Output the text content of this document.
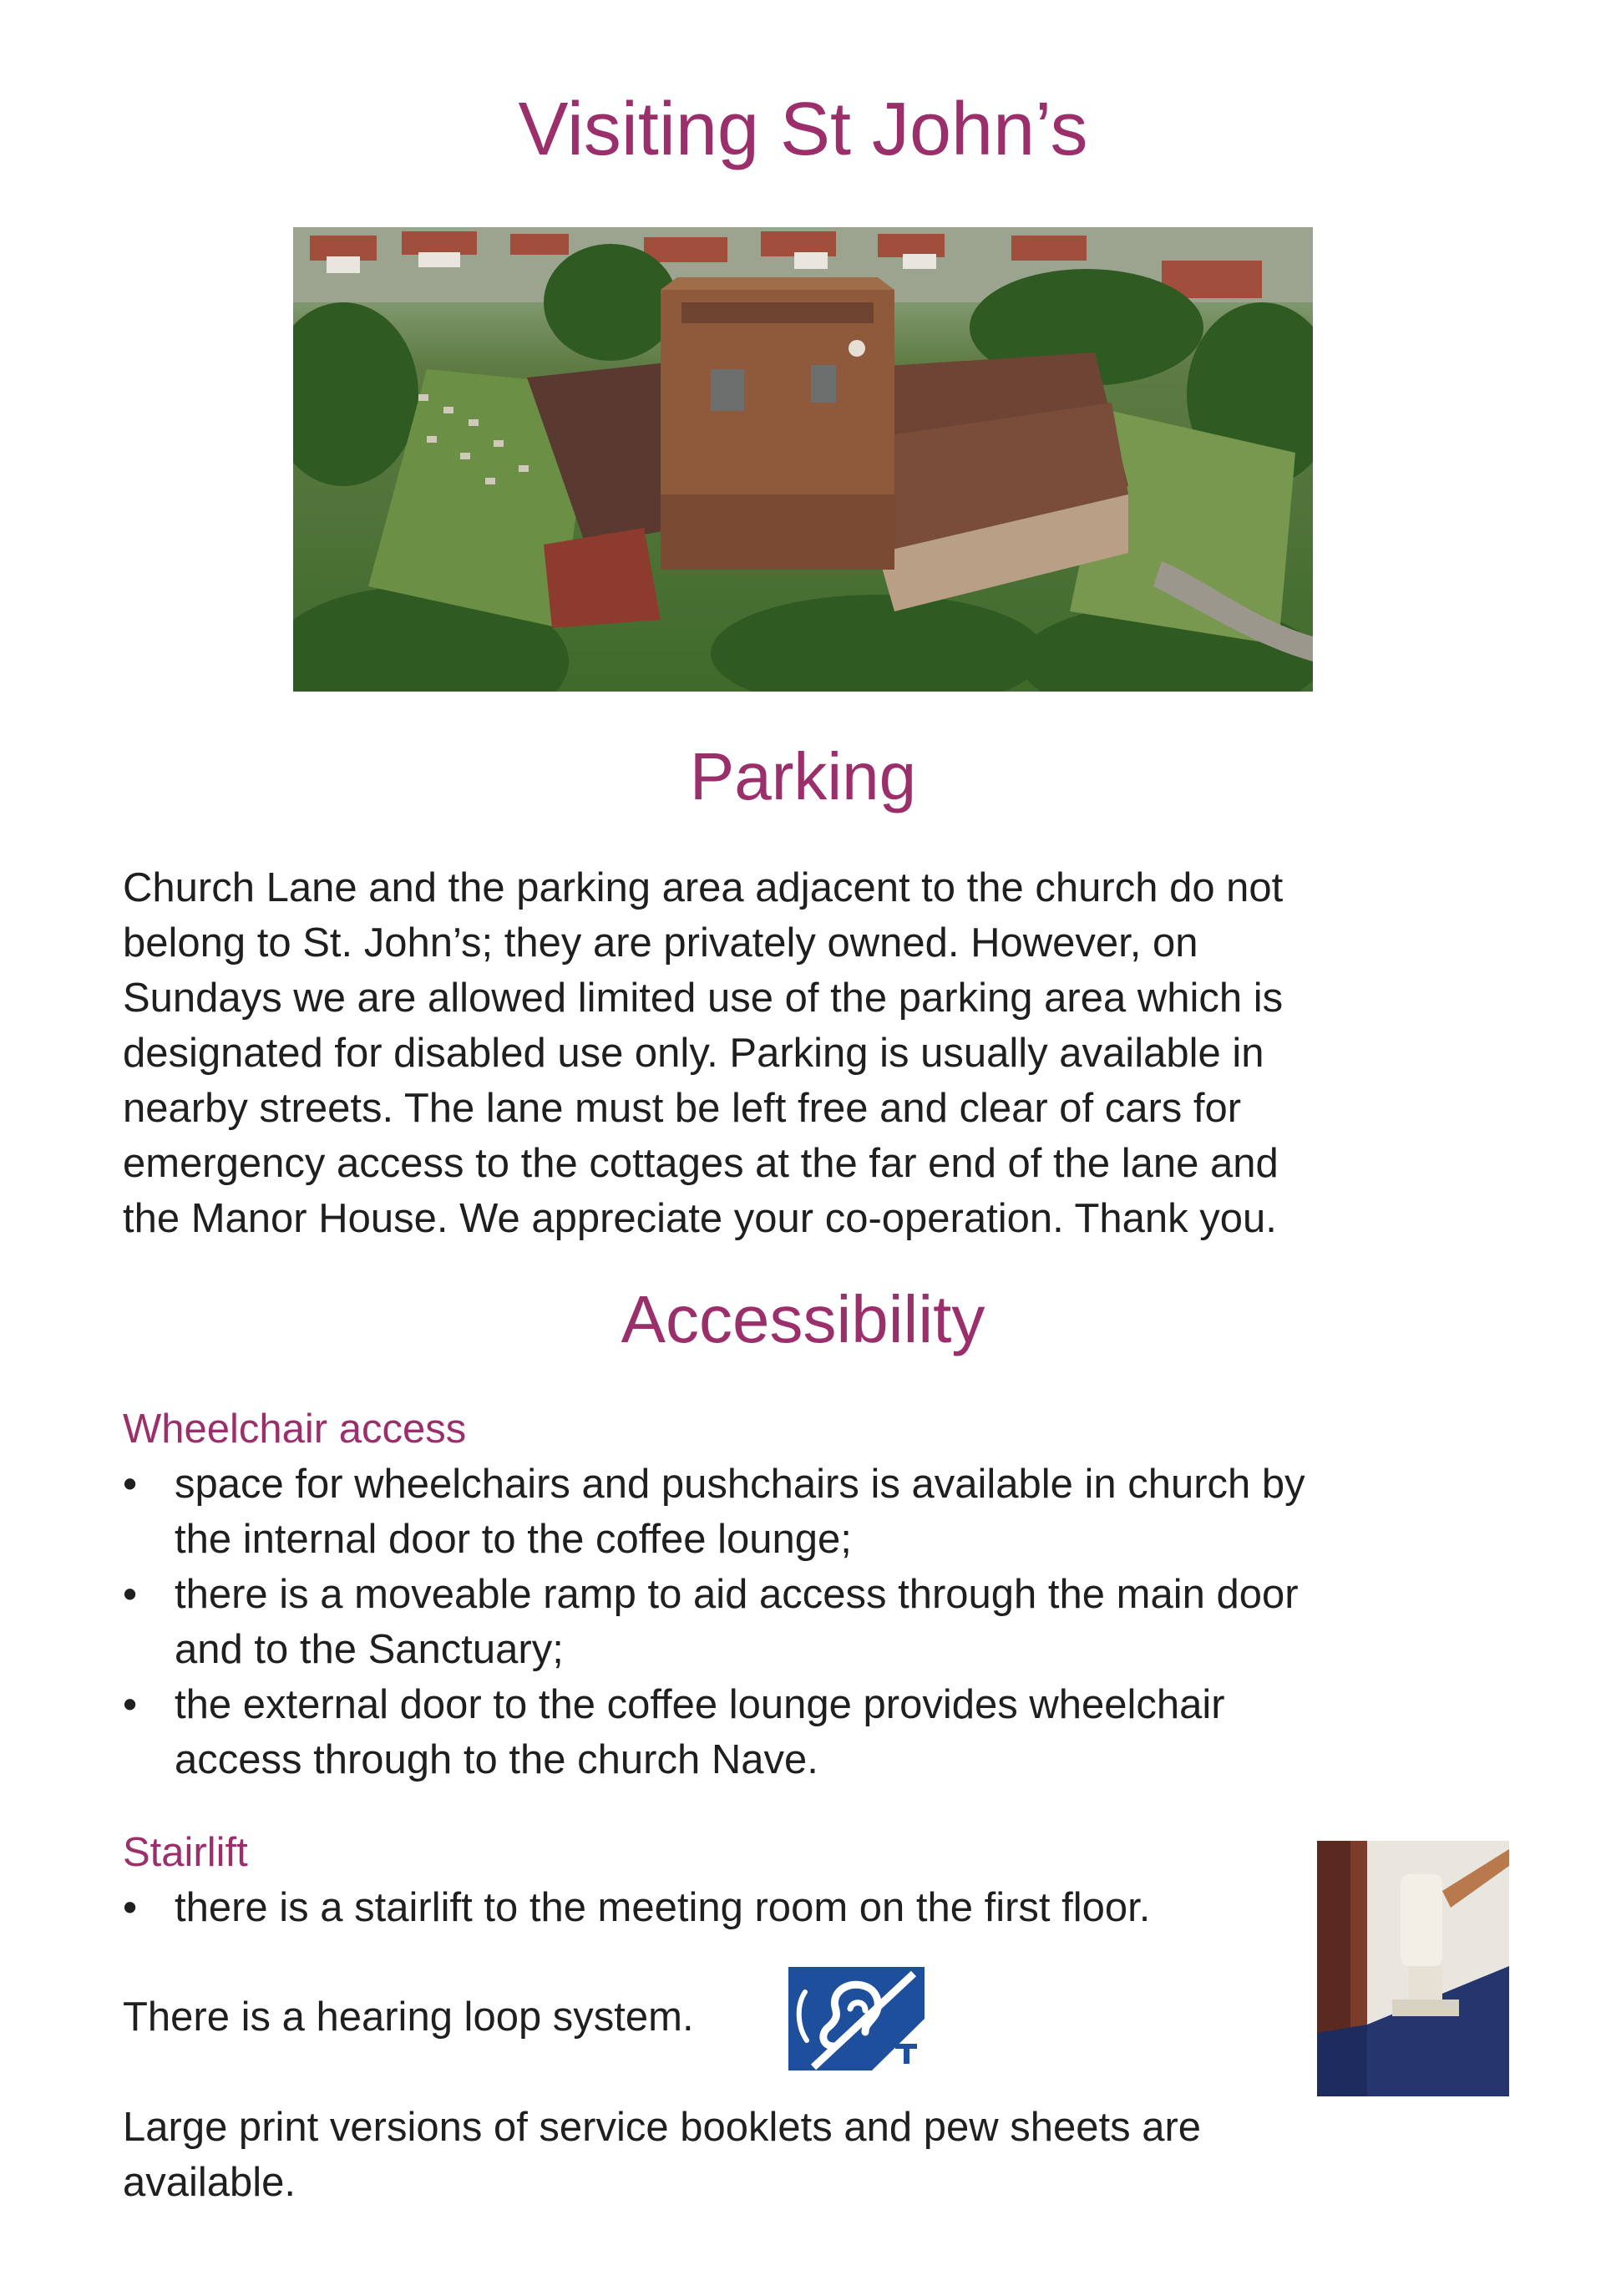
Visiting St John’s
Parking
Church Lane and the parking area adjacent to the church do not
belong to St. John’s; they are privately owned. However, on
Sundays we are allowed limited use of the parking area which is
designated for disabled use only. Parking is usually available in
nearby streets. The lane must be left free and clear of cars for
emergency access to the cottages at the far end of the lane and
the Manor House. We appreciate your co-operation. Thank you.
Accessibility
Wheelchair access
• space for wheelchairs and pushchairs is available in church by
the internal door to the coffee lounge;
• there is a moveable ramp to aid access through the main door
and to the Sanctuary;
• the external door to the coffee lounge provides wheelchair
access through to the church Nave.
Stairlift
• there is a stairlift to the meeting room on the first floor.
There is a hearing loop system.
Large print versions of service booklets and pew sheets are
available.
